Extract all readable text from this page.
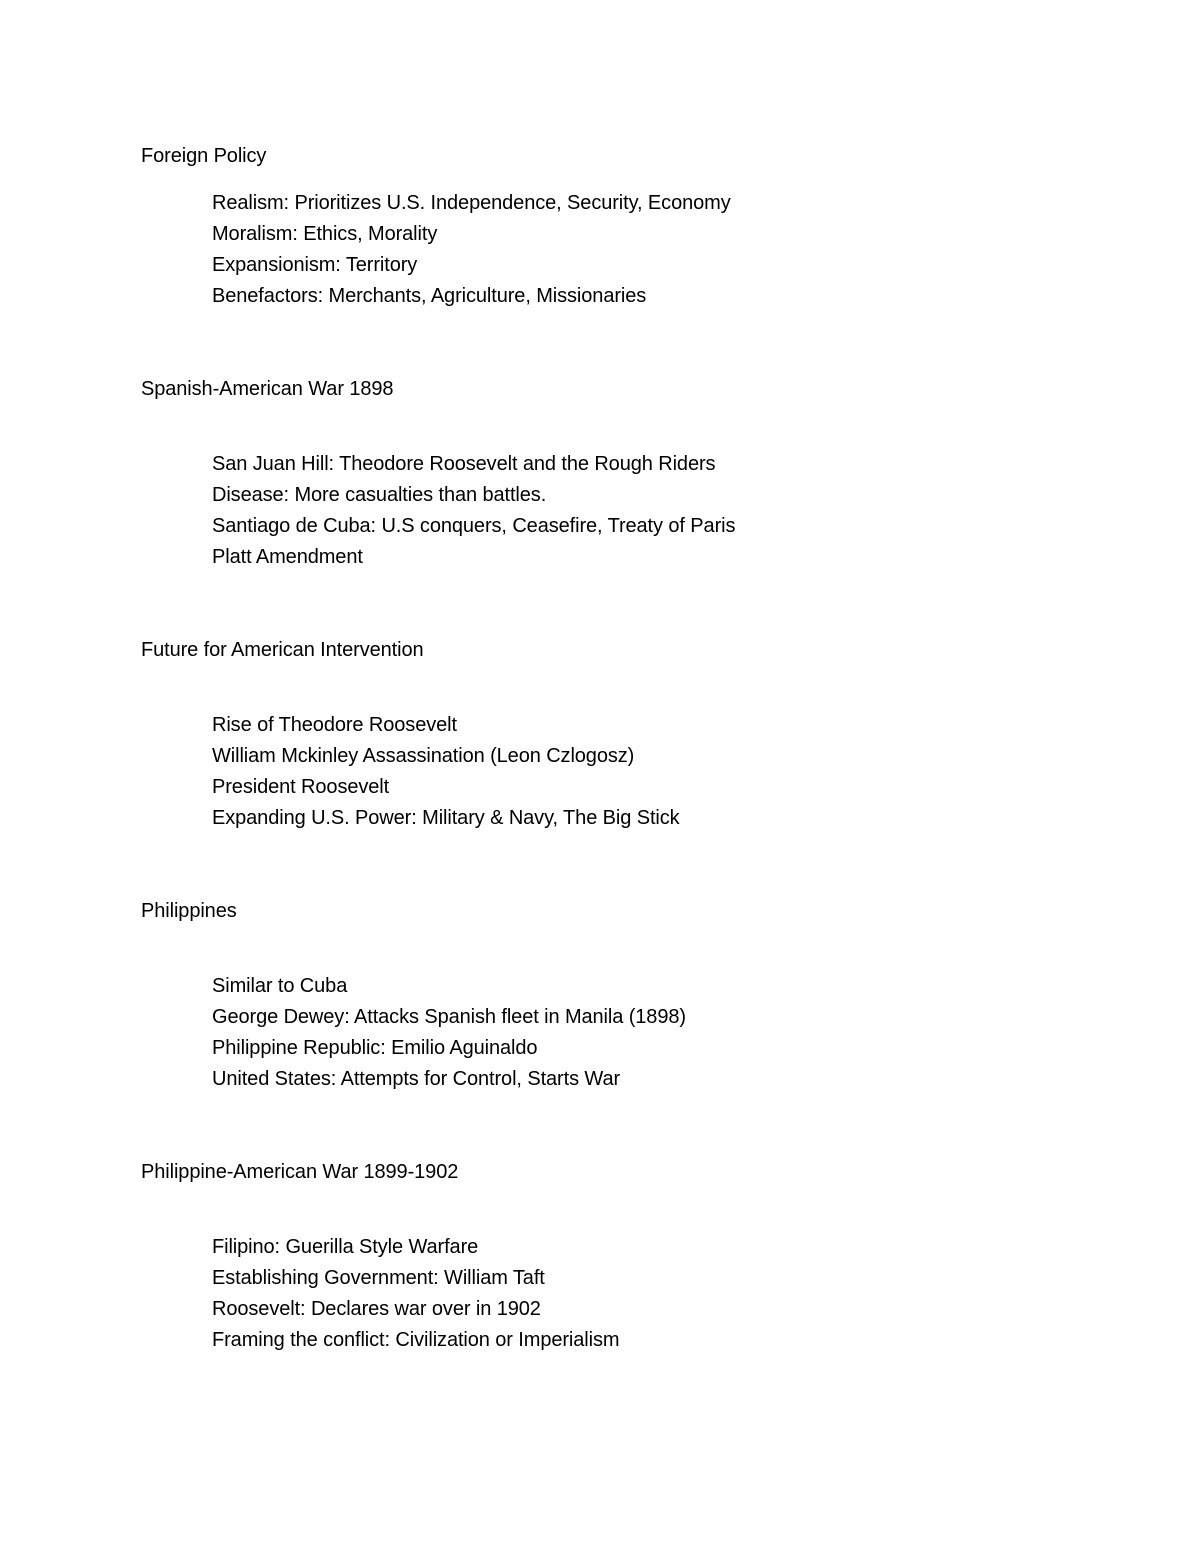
Foreign Policy
Realism: Prioritizes U.S. Independence, Security, Economy
Moralism: Ethics, Morality
Expansionism: Territory
Benefactors: Merchants, Agriculture, Missionaries
Spanish-American War 1898
San Juan Hill: Theodore Roosevelt and the Rough Riders
Disease: More casualties than battles.
Santiago de Cuba: U.S conquers, Ceasefire, Treaty of Paris
Platt Amendment
Future for American Intervention
Rise of Theodore Roosevelt
William Mckinley Assassination (Leon Czlogosz)
President Roosevelt
Expanding U.S. Power: Military & Navy, The Big Stick
Philippines
Similar to Cuba
George Dewey: Attacks Spanish fleet in Manila (1898)
Philippine Republic: Emilio Aguinaldo
United States: Attempts for Control, Starts War
Philippine-American War 1899-1902
Filipino: Guerilla Style Warfare
Establishing Government: William Taft
Roosevelt: Declares war over in 1902
Framing the conflict: Civilization or Imperialism
